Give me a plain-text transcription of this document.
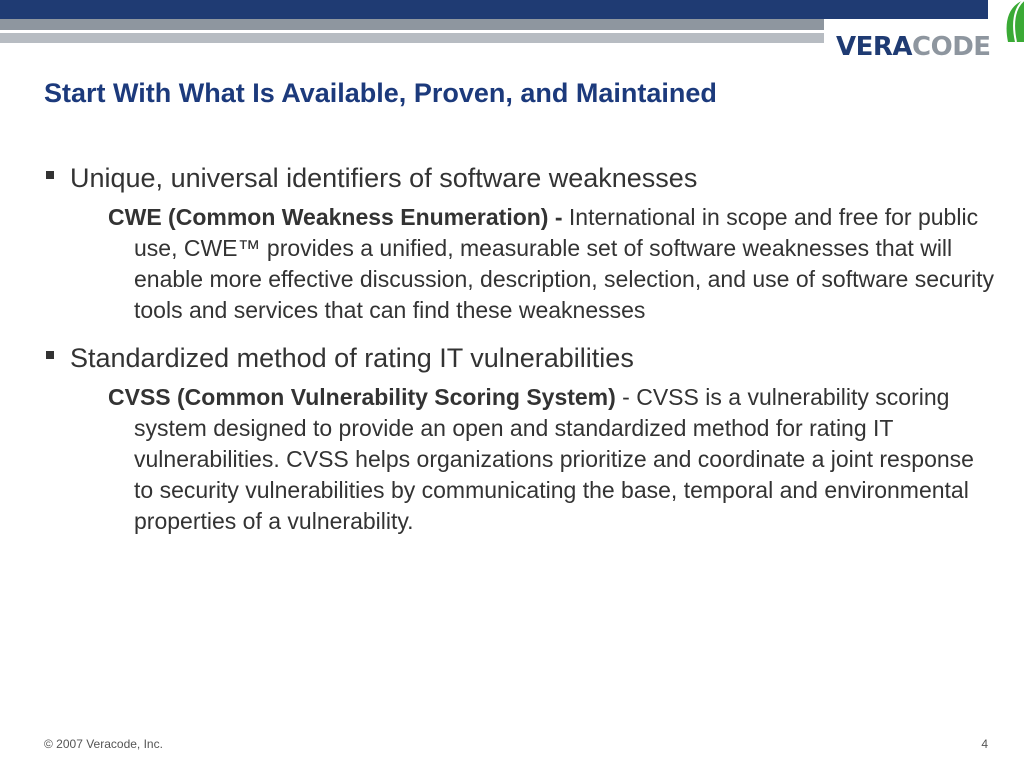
VERACODE
Start With What Is Available, Proven, and Maintained

Unique, universal identifiers of software weaknesses

CWE (Common Weakness Enumeration) - International in scope and free for public use, CWE™ provides a unified, measurable set of software weaknesses that will enable more effective discussion, description, selection, and use of software security tools and services that can find these weaknesses

Standardized method of rating IT vulnerabilities

CVSS (Common Vulnerability Scoring System) - CVSS is a vulnerability scoring system designed to provide an open and standardized method for rating IT vulnerabilities. CVSS helps organizations prioritize and coordinate a joint response to security vulnerabilities by communicating the base, temporal and environmental properties of a vulnerability.

© 2007 Veracode, Inc.	4
